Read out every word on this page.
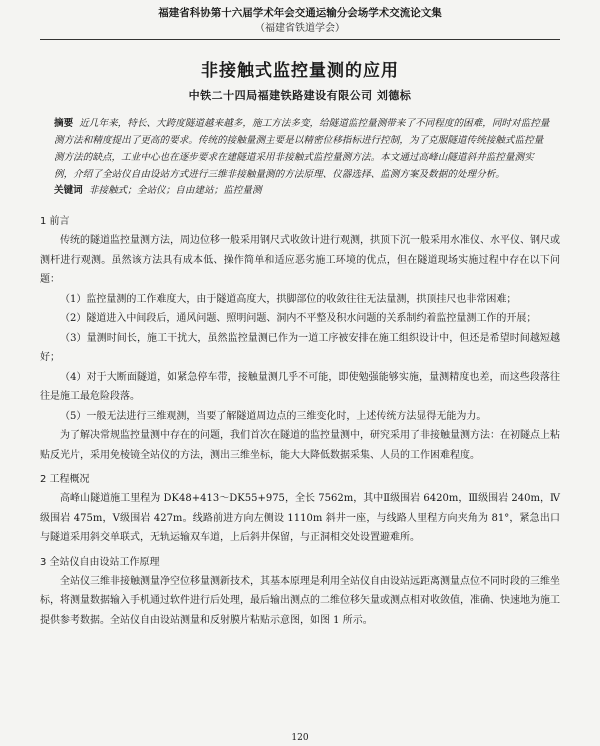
福建省科协第十六届学术年会交通运输分会场学术交流论文集
（福建省铁道学会）
非接触式监控量测的应用
中铁二十四局福建铁路建设有限公司 刘德标
摘要 近几年来，特长、大跨度隧道越来越多，施工方法多变，给隧道监控量测带来了不同程度的困难，同时对监控量测方法和精度提出了更高的要求。传统的接触量测主要是以精密位移指标进行控制，为了克服隧道传统接触式监控量测方法的缺点，工业中心也在逐步要求在建隧道采用非接触式监控量测方法。本文通过高峰山隧道斜井监控量测实例，介绍了全站仪自由设站方式进行三维非接触量测的方法原理、仪器选择、监测方案及数据的处理分析。
关键词 非接触式；全站仪；自由建站；监控量测
1 前言

传统的隧道监控量测方法，周边位移一般采用钢尺式收敛计进行观测，拱顶下沉一般采用水准仪、水平仪、钢尺或测杆进行观测。虽然该方法具有成本低、操作简单和适应恶劣施工环境的优点，但在隧道现场实施过程中存在以下问题：

（1）监控量测的工作难度大，由于隧道高度大，拱脚部位的收敛往往无法量测，拱顶挂尺也非常困难；

（2）隧道进入中间段后，通风问题、照明问题、洞内不平整及积水问题的关系制约着监控量测工作的开展；

（3）量测时间长，施工干扰大，虽然监控量测已作为一道工序被安排在施工组织设计中，但还是希望时间越短越好；

（4）对于大断面隧道，如紧急停车带，接触量测几乎不可能，即使勉强能够实施，量测精度也差，而这些段落往往是施工最危险段落。

（5）一般无法进行三维观测，当要了解隧道周边点的三维变化时，上述传统方法显得无能为力。

为了解决常规监控量测中存在的问题，我们首次在隧道的监控量测中，研究采用了非接触量测方法：在初隧点上粘贴反光片，采用免棱镜全站仪的方法，测出三维坐标，能大大降低数据采集、人员的工作困难程度。

2 工程概况

高峰山隧道施工里程为 DK48+413～DK55+975，全长 7562m，其中Ⅱ级围岩 6420m，Ⅲ级围岩 240m，Ⅳ级围岩 475m，Ⅴ级围岩 427m。线路前进方向左侧设 1110m 斜井一座，与线路人里程方向夹角为 81°，紧急出口与隧道采用斜交单联式，无轨运输双车道，上后斜井保留，与正洞相交处设置避难所。

3 全站仪自由设站工作原理

全站仪三维非接触测量净空位移量测新技术，其基本原理是利用全站仪自由设站远距离测量点位不同时段的三维坐标，将测量数据输入手机通过软件进行后处理，最后输出测点的二维位移矢量或测点相对收敛值，准确、快速地为施工提供参考数据。全站仪自由设站测量和反射膜片粘贴示意图，如图 1 所示。

120
